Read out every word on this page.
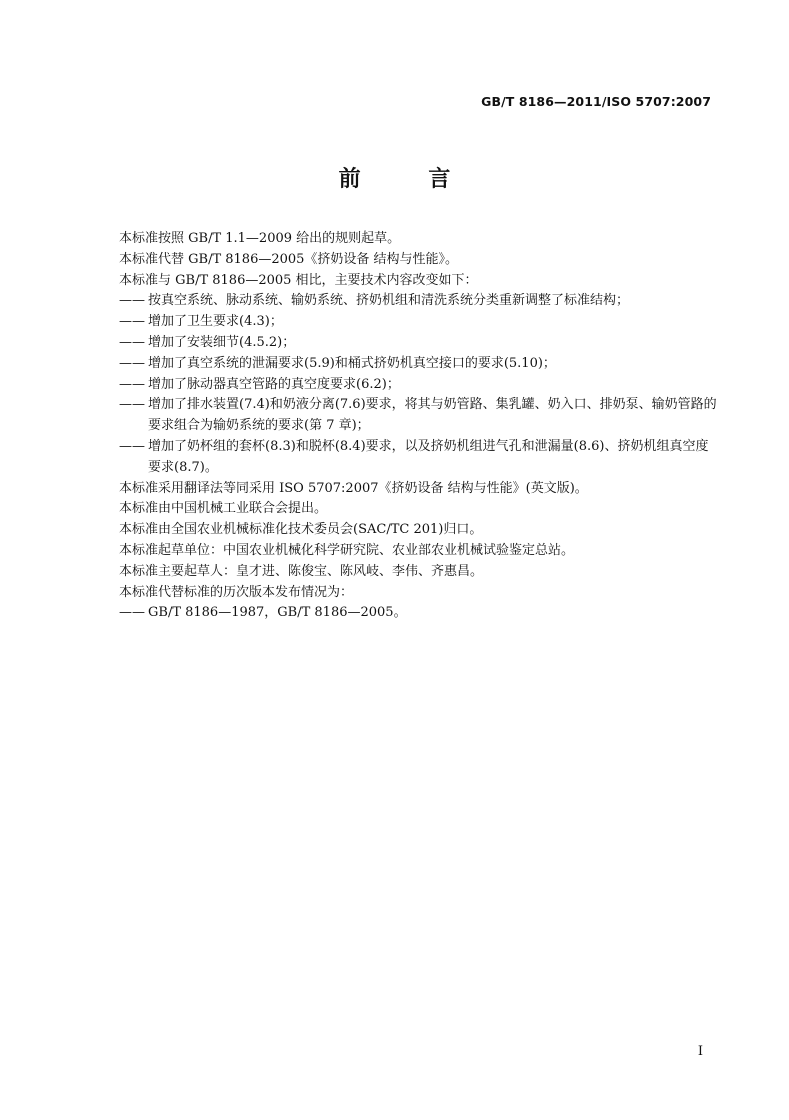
GB/T 8186—2011/ISO 5707:2007
前 言
本标准按照 GB/T 1.1—2009 给出的规则起草。
本标准代替 GB/T 8186—2005《挤奶设备 结构与性能》。
本标准与 GB/T 8186—2005 相比，主要技术内容改变如下：
—— 按真空系统、脉动系统、输奶系统、挤奶机组和清洗系统分类重新调整了标准结构；
—— 增加了卫生要求(4.3)；
—— 增加了安装细节(4.5.2)；
—— 增加了真空系统的泄漏要求(5.9)和桶式挤奶机真空接口的要求(5.10)；
—— 增加了脉动器真空管路的真空度要求(6.2)；
—— 增加了排水装置(7.4)和奶液分离(7.6)要求，将其与奶管路、集乳罐、奶入口、排奶泵、输奶管路的要求组合为输奶系统的要求(第 7 章)；
—— 增加了奶杯组的套杯(8.3)和脱杯(8.4)要求，以及挤奶机组进气孔和泄漏量(8.6)、挤奶机组真空度要求(8.7)。
本标准采用翻译法等同采用 ISO 5707:2007《挤奶设备 结构与性能》(英文版)。
本标准由中国机械工业联合会提出。
本标准由全国农业机械标准化技术委员会(SAC/TC 201)归口。
本标准起草单位：中国农业机械化科学研究院、农业部农业机械试验鉴定总站。
本标准主要起草人：皇才进、陈俊宝、陈风岐、李伟、齐惠昌。
本标准代替标准的历次版本发布情况为：
—— GB/T 8186—1987，GB/T 8186—2005。
I
